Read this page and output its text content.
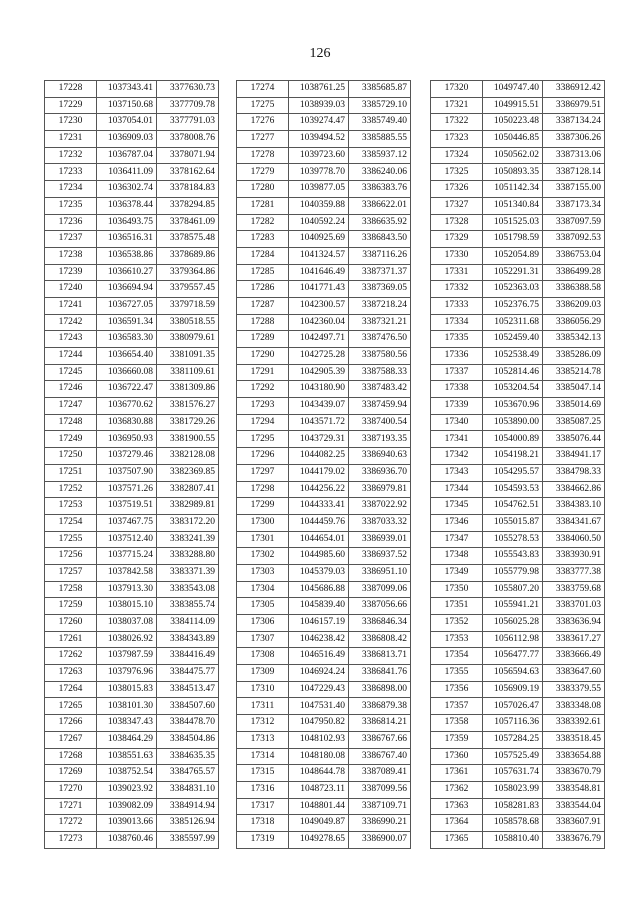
126
17228	1037343.41	3377630.73
17229	1037150.68	3377709.78
17230	1037054.01	3377791.03
17231	1036909.03	3378008.76
17232	1036787.04	3378071.94
17233	1036411.09	3378162.64
17234	1036302.74	3378184.83
17235	1036378.44	3378294.85
17236	1036493.75	3378461.09
17237	1036516.31	3378575.48
17238	1036538.86	3378689.86
17239	1036610.27	3379364.86
17240	1036694.94	3379557.45
17241	1036727.05	3379718.59
17242	1036591.34	3380518.55
17243	1036583.30	3380979.61
17244	1036654.40	3381091.35
17245	1036660.08	3381109.61
17246	1036722.47	3381309.86
17247	1036770.62	3381576.27
17248	1036830.88	3381729.26
17249	1036950.93	3381900.55
17250	1037279.46	3382128.08
17251	1037507.90	3382369.85
17252	1037571.26	3382807.41
17253	1037519.51	3382989.81
17254	1037467.75	3383172.20
17255	1037512.40	3383241.39
17256	1037715.24	3383288.80
17257	1037842.58	3383371.39
17258	1037913.30	3383543.08
17259	1038015.10	3383855.74
17260	1038037.08	3384114.09
17261	1038026.92	3384343.89
17262	1037987.59	3384416.49
17263	1037976.96	3384475.77
17264	1038015.83	3384513.47
17265	1038101.30	3384507.60
17266	1038347.43	3384478.70
17267	1038464.29	3384504.86
17268	1038551.63	3384635.35
17269	1038752.54	3384765.57
17270	1039023.92	3384831.10
17271	1039082.09	3384914.94
17272	1039013.66	3385126.94
17273	1038760.46	3385597.99
17274	1038761.25	3385685.87
17275	1038939.03	3385729.10
17276	1039274.47	3385749.40
17277	1039494.52	3385885.55
17278	1039723.60	3385937.12
17279	1039778.70	3386240.06
17280	1039877.05	3386383.76
17281	1040359.88	3386622.01
17282	1040592.24	3386635.92
17283	1040925.69	3386843.50
17284	1041324.57	3387116.26
17285	1041646.49	3387371.37
17286	1041771.43	3387369.05
17287	1042300.57	3387218.24
17288	1042360.04	3387321.21
17289	1042497.71	3387476.50
17290	1042725.28	3387580.56
17291	1042905.39	3387588.33
17292	1043180.90	3387483.42
17293	1043439.07	3387459.94
17294	1043571.72	3387400.54
17295	1043729.31	3387193.35
17296	1044082.25	3386940.63
17297	1044179.02	3386936.70
17298	1044256.22	3386979.81
17299	1044333.41	3387022.92
17300	1044459.76	3387033.32
17301	1044654.01	3386939.01
17302	1044985.60	3386937.52
17303	1045379.03	3386951.10
17304	1045686.88	3387099.06
17305	1045839.40	3387056.66
17306	1046157.19	3386846.34
17307	1046238.42	3386808.42
17308	1046516.49	3386813.71
17309	1046924.24	3386841.76
17310	1047229.43	3386898.00
17311	1047531.40	3386879.38
17312	1047950.82	3386814.21
17313	1048102.93	3386767.66
17314	1048180.08	3386767.40
17315	1048644.78	3387089.41
17316	1048723.11	3387099.56
17317	1048801.44	3387109.71
17318	1049049.87	3386990.21
17319	1049278.65	3386900.07
17320	1049747.40	3386912.42
17321	1049915.51	3386979.51
17322	1050223.48	3387134.24
17323	1050446.85	3387306.26
17324	1050562.02	3387313.06
17325	1050893.35	3387128.14
17326	1051142.34	3387155.00
17327	1051340.84	3387173.34
17328	1051525.03	3387097.59
17329	1051798.59	3387092.53
17330	1052054.89	3386753.04
17331	1052291.31	3386499.28
17332	1052363.03	3386388.58
17333	1052376.75	3386209.03
17334	1052311.68	3386056.29
17335	1052459.40	3385342.13
17336	1052538.49	3385286.09
17337	1052814.46	3385214.78
17338	1053204.54	3385047.14
17339	1053670.96	3385014.69
17340	1053890.00	3385087.25
17341	1054000.89	3385076.44
17342	1054198.21	3384941.17
17343	1054295.57	3384798.33
17344	1054593.53	3384662.86
17345	1054762.51	3384383.10
17346	1055015.87	3384341.67
17347	1055278.53	3384060.50
17348	1055543.83	3383930.91
17349	1055779.98	3383777.38
17350	1055807.20	3383759.68
17351	1055941.21	3383701.03
17352	1056025.28	3383636.94
17353	1056112.98	3383617.27
17354	1056477.77	3383666.49
17355	1056594.63	3383647.60
17356	1056909.19	3383379.55
17357	1057026.47	3383348.08
17358	1057116.36	3383392.61
17359	1057284.25	3383518.45
17360	1057525.49	3383654.88
17361	1057631.74	3383670.79
17362	1058023.99	3383548.81
17363	1058281.83	3383544.04
17364	1058578.68	3383607.91
17365	1058810.40	3383676.79
